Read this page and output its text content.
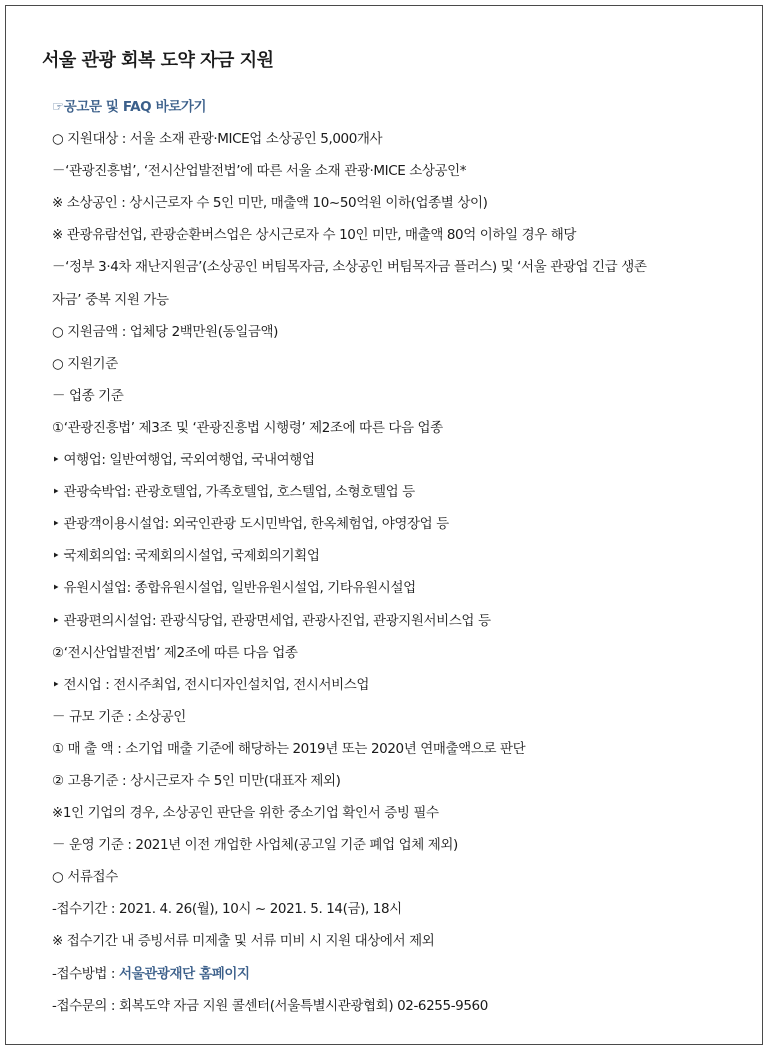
서울 관광 회복 도약 자금 지원
☞공고문 및 FAQ 바로가기
○ 지원대상 : 서울 소재 관광·MICE업 소상공인 5,000개사
－‘관광진흥법’, ‘전시산업발전법’에 따른 서울 소재 관광·MICE 소상공인*
※ 소상공인 : 상시근로자 수 5인 미만, 매출액 10~50억원 이하(업종별 상이)
※ 관광유람선업, 관광순환버스업은 상시근로자 수 10인 미만, 매출액 80억 이하일 경우 해당
－‘정부 3·4차 재난지원금’(소상공인 버팀목자금, 소상공인 버팀목자금 플러스) 및 ‘서울 관광업 긴급 생존
자금’ 중복 지원 가능
○ 지원금액 : 업체당 2백만원(동일금액)
○ 지원기준
－ 업종 기준
①‘관광진흥법’ 제3조 및 ‘관광진흥법 시행령’ 제2조에 따른 다음 업종
‣ 여행업: 일반여행업, 국외여행업, 국내여행업
‣ 관광숙박업: 관광호텔업, 가족호텔업, 호스텔업, 소형호텔업 등
‣ 관광객이용시설업: 외국인관광 도시민박업, 한옥체험업, 야영장업 등
‣ 국제회의업: 국제회의시설업, 국제회의기획업
‣ 유원시설업: 종합유원시설업, 일반유원시설업, 기타유원시설업
‣ 관광편의시설업: 관광식당업, 관광면세업, 관광사진업, 관광지원서비스업 등
②‘전시산업발전법’ 제2조에 따른 다음 업종
‣ 전시업 : 전시주최업, 전시디자인설치업, 전시서비스업
－ 규모 기준 : 소상공인
① 매 출 액 : 소기업 매출 기준에 해당하는 2019년 또는 2020년 연매출액으로 판단
② 고용기준 : 상시근로자 수 5인 미만(대표자 제외)
※1인 기업의 경우, 소상공인 판단을 위한 중소기업 확인서 증빙 필수
－ 운영 기준 : 2021년 이전 개업한 사업체(공고일 기준 폐업 업체 제외)
○ 서류접수
-접수기간 : 2021. 4. 26(월), 10시 ~ 2021. 5. 14(금), 18시
※ 접수기간 내 증빙서류 미제출 및 서류 미비 시 지원 대상에서 제외
-접수방법 : 서울관광재단 홈페이지
-접수문의 : 회복도약 자금 지원 콜센터(서울특별시관광협회) 02-6255-9560
